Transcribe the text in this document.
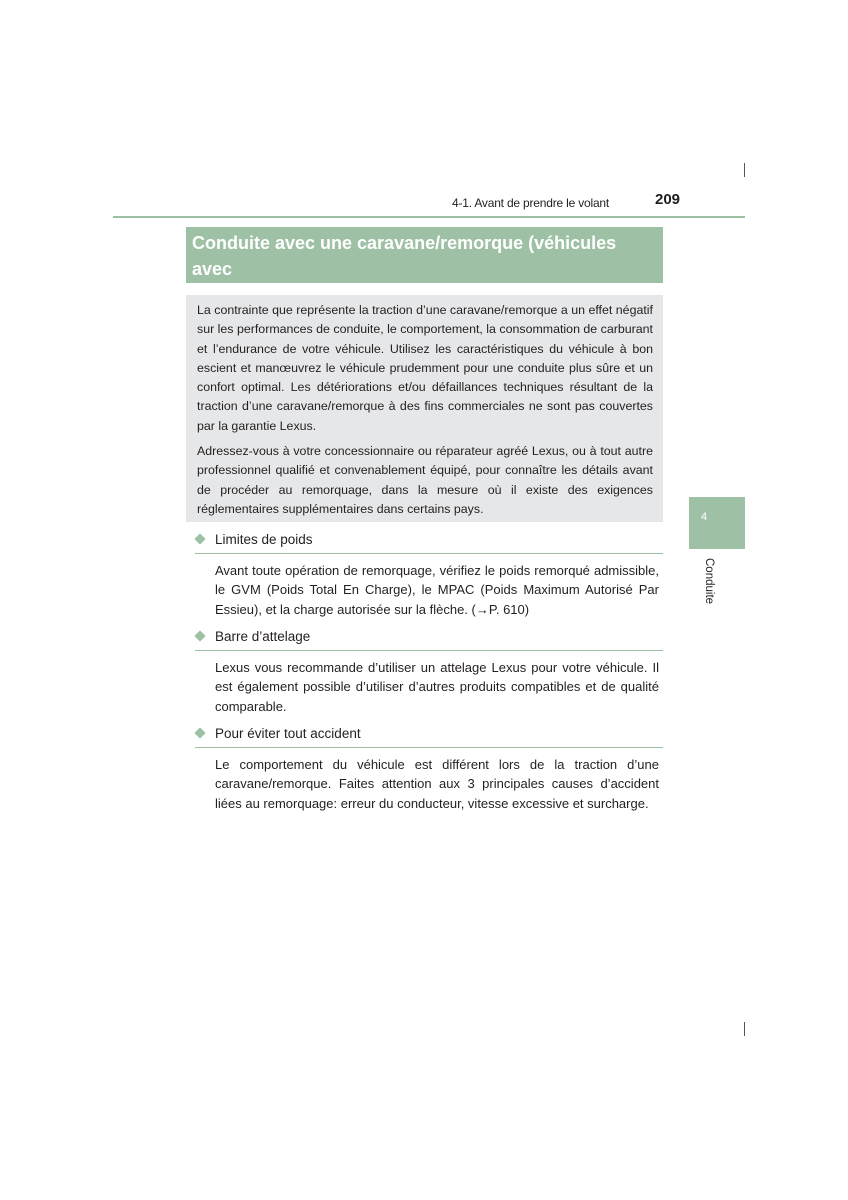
4-1. Avant de prendre le volant	209
Conduite avec une caravane/remorque (véhicules avec

La contrainte que représente la traction d’une caravane/remorque a un effet négatif sur les performances de conduite, le comportement, la consommation de carburant et l’endurance de votre véhicule. Utilisez les caractéristiques du véhicule à bon escient et manœuvrez le véhicule prudemment pour une conduite plus sûre et un confort optimal. Les détériorations et/ou défaillances techniques résultant de la traction d’une caravane/remorque à des fins commerciales ne sont pas couvertes par la garantie Lexus.

Adressez-vous à votre concessionnaire ou réparateur agréé Lexus, ou à tout autre professionnel qualifié et convenablement équipé, pour connaître les détails avant de procéder au remorquage, dans la mesure où il existe des exigences réglementaires supplémentaires dans certains pays.

Limites de poids
Avant toute opération de remorquage, vérifiez le poids remorqué admissible, le GVM (Poids Total En Charge), le MPAC (Poids Maximum Autorisé Par Essieu), et la charge autorisée sur la flèche. (→P. 610)
Barre d’attelage
Lexus vous recommande d’utiliser un attelage Lexus pour votre véhicule. Il est également possible d’utiliser d’autres produits compatibles et de qualité comparable.
Pour éviter tout accident
Le comportement du véhicule est différent lors de la traction d’une caravane/remorque. Faites attention aux 3 principales causes d’accident liées au remorquage: erreur du conducteur, vitesse excessive et surcharge.
4
Conduite
